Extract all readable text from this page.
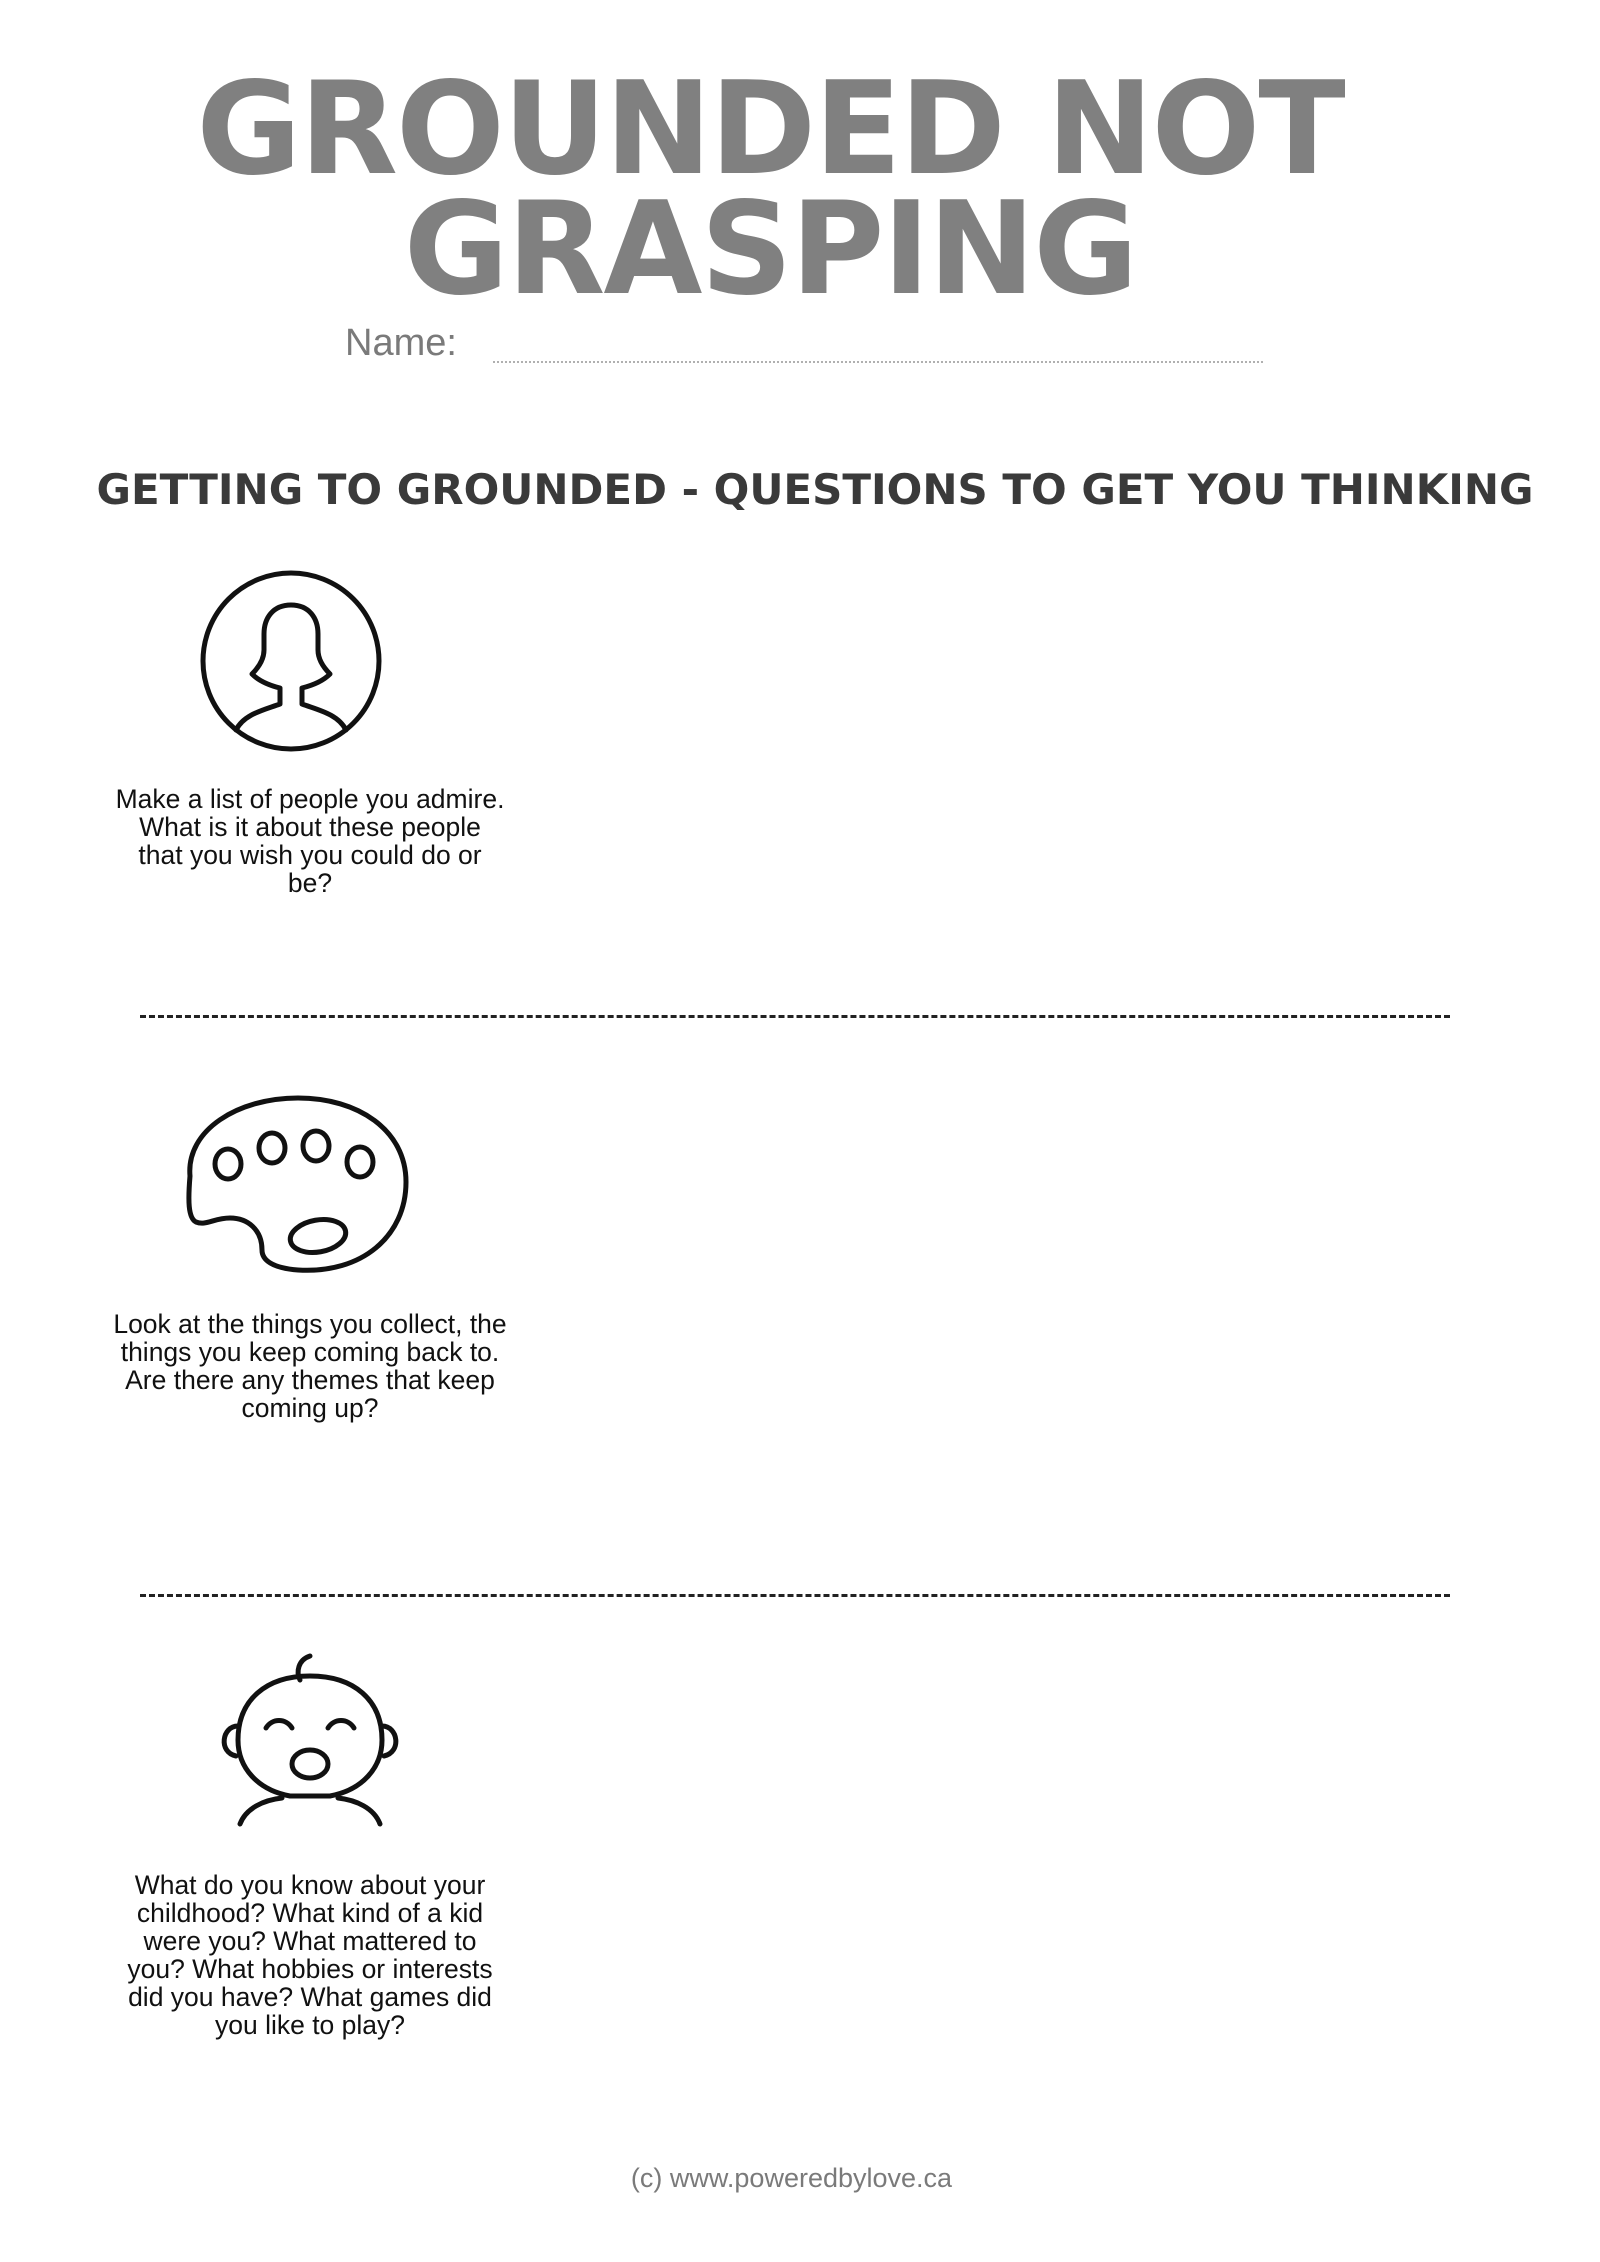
GROUNDED NOT
GRASPING
Name:
GETTING TO GROUNDED - QUESTIONS TO GET YOU THINKING

Make a list of people you admire.
What is it about these people
that you wish you could do or
be?

Look at the things you collect, the
things you keep coming back to.
Are there any themes that keep
coming up?

What do you know about your
childhood? What kind of a kid
were you? What mattered to
you? What hobbies or interests
did you have? What games did
you like to play?

(c) www.poweredbylove.ca
